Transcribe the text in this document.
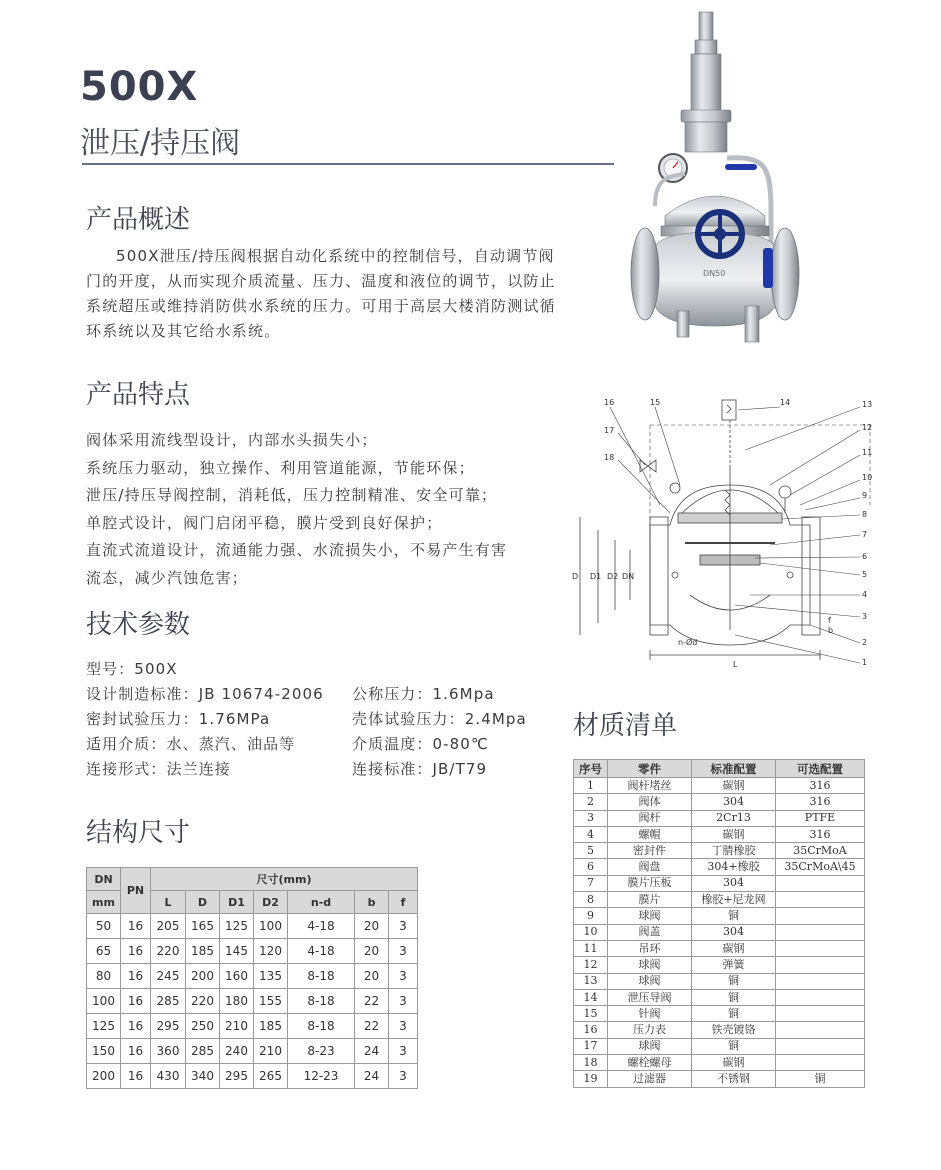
500X
泄压/持压阀
产品概述
500X泄压/持压阀根据自动化系统中的控制信号，自动调节阀门的开度，从而实现介质流量、压力、温度和液位的调节，以防止系统超压或维持消防供水系统的压力。可用于高层大楼消防测试循环系统以及其它给水系统。
产品特点
阀体采用流线型设计，内部水头损失小；
系统压力驱动，独立操作、利用管道能源，节能环保；
泄压/持压导阀控制，消耗低，压力控制精准、安全可靠；
单腔式设计，阀门启闭平稳，膜片受到良好保护；
直流式流道设计，流通能力强、水流损失小，不易产生有害
流态，减少汽蚀危害；
技术参数
型号：500X
设计制造标准：JB 10674-2006
密封试验压力：1.76MPa
适用介质：水、蒸汽、油品等
连接形式：法兰连接
公称压力：1.6Mpa
壳体试验压力：2.4Mpa
介质温度：0-80℃
连接标准：JB/T79
结构尺寸
DN	PN	尺寸(mm)						
mm		L	D	D1	D2	n-d	b	f
50	16	205	165	125	100	4-18	20	3
65	16	220	185	145	120	4-18	20	3
80	16	245	200	160	135	8-18	20	3
100	16	285	220	180	155	8-18	22	3
125	16	295	250	210	185	8-18	22	3
150	16	360	285	240	210	8-23	24	3
200	16	430	340	295	265	12-23	24	3
材质清单
序号	零件	标准配置	可选配置
1	阀杆堵丝	碳钢	316
2	阀体	304	316
3	阀杆	2Cr13	PTFE
4	螺帽	碳钢	316
5	密封件	丁腈橡胶	35CrMoA
6	阀盘	304+橡胶	35CrMoA\45
7	膜片压板	304	
8	膜片	橡胶+尼龙网	
9	球阀	铜	
10	阀盖	304	
11	吊环	碳钢	
12	球阀	弹簧	
13	球阀	铜	
14	泄压导阀	铜	
15	针阀	铜	
16	压力表	铁壳镀铬	
17	球阀	铜	
18	螺栓螺母	碳钢	
19	过滤器	不锈钢	铜
DN50
16	15	14	13
12
11
10
9
8
7
6
5
4
3
2
1
17
18
D D1 D2 DN
L
n-Ød
b
f
